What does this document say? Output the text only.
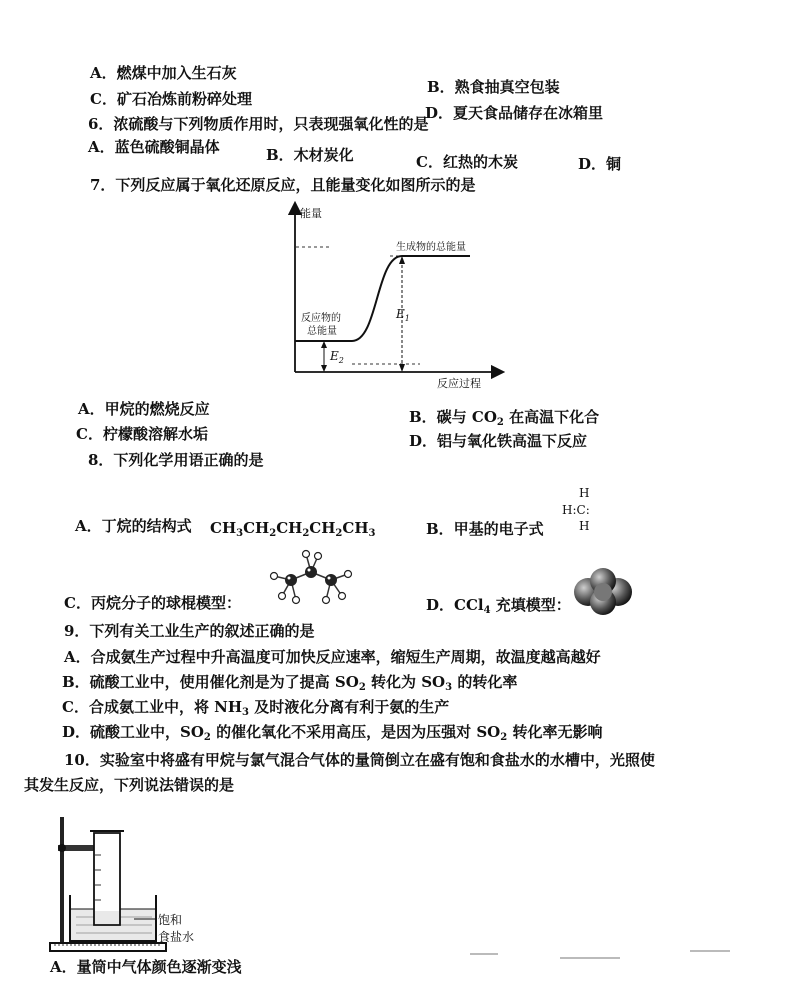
A．燃煤中加入生石灰
B．熟食抽真空包装
C．矿石冶炼前粉碎处理
D．夏天食品储存在冰箱里
6．浓硫酸与下列物质作用时，只表现强氧化性的是
A．蓝色硫酸铜晶体	B．木材炭化	C．红热的木炭	D．铜
7．下列反应属于氧化还原反应，且能量变化如图所示的是
能量
反应过程
生成物的总能量
反应物的
总能量
$E_1$
$E_2$
A．甲烷的燃烧反应	B．碳与 $CO_2$ 在高温下化合
C．柠檬酸溶解水垢	D．铝与氧化铁高温下反应
8．下列化学用语正确的是
A．丁烷的结构式 $CH_3CH_2CH_2CH_2CH_3$	B．甲基的电子式
H
H:C:
H
C．丙烷分子的球棍模型：	D．CCl$_4$ 充填模型：
9．下列有关工业生产的叙述正确的是
A．合成氨生产过程中升高温度可加快反应速率，缩短生产周期，故温度越高越好
B．硫酸工业中，使用催化剂是为了提高 $SO_2$ 转化为 $SO_3$ 的转化率
C．合成氨工业中，将 $NH_3$ 及时液化分离有利于氨的生产
D．硫酸工业中，$SO_2$ 的催化氧化不采用高压，是因为压强对 $SO_2$ 转化率无影响
10．实验室中将盛有甲烷与氯气混合气体的量筒倒立在盛有饱和食盐水的水槽中，光照使
其发生反应，下列说法错误的是
饱和
食盐水
A．量筒中气体颜色逐渐变浅
